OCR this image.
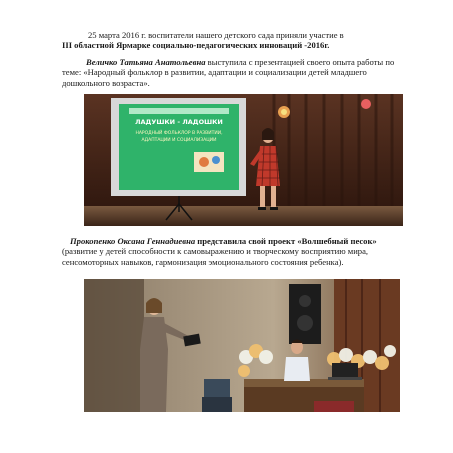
25 марта 2016 г. воспитатели нашего детского сада приняли участие в
III областной Ярмарке социально-педагогических инноваций -2016г.
Величко Татьяна Анатольевна выступила с презентацией своего опыта работы по теме: «Народный фольклор в развитии, адаптации и социализации детей младшего дошкольного возраста».
ЛАДУШКИ - ЛАДОШКИ
НАРОДНЫЙ ФОЛЬКЛОР В РАЗВИТИИ,
АДАПТАЦИИ И СОЦИАЛИЗАЦИИ
Прокопенко Оксана Геннадиевна представила свой проект «Волшебный песок» (развитие у детей способности к самовыражению и творческому восприятию мира, сенсомоторных навыков, гармонизация эмоционального состояния ребенка).
